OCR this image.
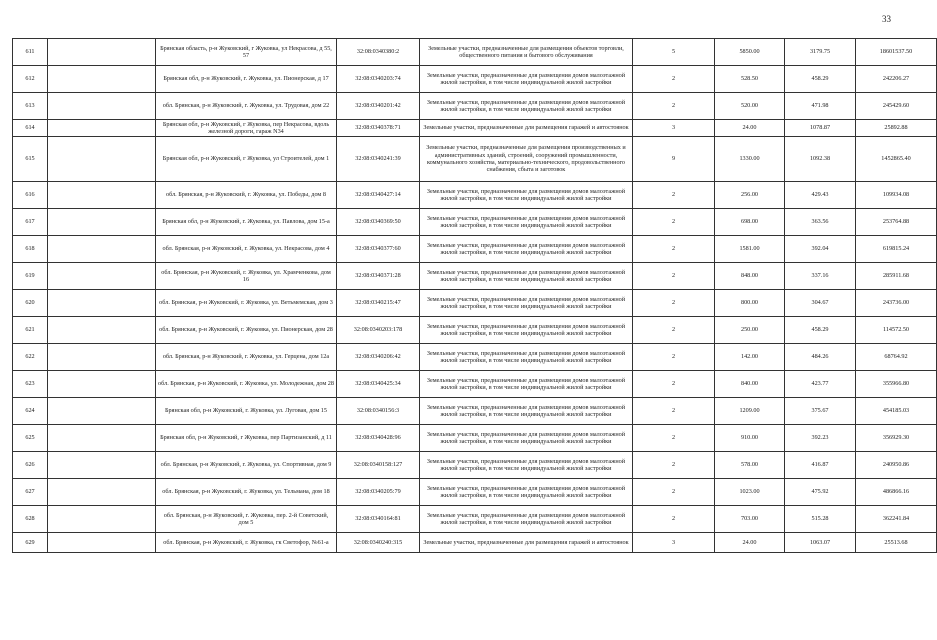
33
611		Брянская область, р-н Жуковский, г Жуковка, ул Некрасова, д 55, 57	32:08:0340380:2	Земельные участки, предназначенные для размещения объектов торговли, общественного питания и бытового обслуживания	5	5850.00	3179.75	18601537.50
612		Брянская обл, р-н Жуковский, г. Жуковка, ул. Пионерская, д 17	32:08:0340203:74	Земельные участки, предназначенные для размещения домов малоэтажной жилой застройки, в том числе индивидуальной жилой застройки	2	528.50	458.29	242206.27
613		обл. Брянская, р-н Жуковский, г. Жуковка, ул. Трудовая, дом 22	32:08:0340201:42	Земельные участки, предназначенные для размещения домов малоэтажной жилой застройки, в том числе индивидуальной жилой застройки	2	520.00	471.98	245429.60
614		Брянская обл, р-н Жуковский, г Жуковка, пер Некрасова, вдоль железной дороги, гараж N34	32:08:0340378:71	Земельные участки, предназначенные для размещения гаражей и автостоянок	3	24.00	1078.87	25892.88
615		Брянская обл, р-н Жуковский, г Жуковка, ул Строителей, дом 1	32:08:0340241:39	Земельные участки, предназначенные для размещения производственных и административных зданий, строений, сооружений промышленности, коммунального хозяйства, материально-технического, продовольственного снабжения, сбыта и заготовок	9	1330.00	1092.38	1452865.40
616		обл. Брянская, р-н Жуковский, г. Жуковка, ул. Победы, дом 8	32:08:0340427:14	Земельные участки, предназначенные для размещения домов малоэтажной жилой застройки, в том числе индивидуальной жилой застройки	2	256.00	429.43	109934.08
617		Брянская обл, р-н Жуковский, г. Жуковка, ул. Павлова, дом 15-а	32:08:0340369:50	Земельные участки, предназначенные для размещения домов малоэтажной жилой застройки, в том числе индивидуальной жилой застройки	2	698.00	363.56	253764.88
618		обл. Брянская, р-н Жуковский, г. Жуковка, ул. Некрасова, дом 4	32:08:0340377:60	Земельные участки, предназначенные для размещения домов малоэтажной жилой застройки, в том числе индивидуальной жилой застройки	2	1581.00	392.04	619815.24
619		обл. Брянская, р-н Жуковский, г. Жуковка, ул. Храмченкова, дом 16	32:08:0340371:28	Земельные участки, предназначенные для размещения домов малоэтажной жилой застройки, в том числе индивидуальной жилой застройки	2	848.00	337.16	285911.68
620		обл. Брянская, р-н Жуковский, г. Жуковка, ул. Ветьмемская, дом 3	32:08:0340215:47	Земельные участки, предназначенные для размещения домов малоэтажной жилой застройки, в том числе индивидуальной жилой застройки	2	800.00	304.67	243736.00
621		обл. Брянская, р-н Жуковский, г. Жуковка, ул. Пионерская, дом 28	32:08:0340203:178	Земельные участки, предназначенные для размещения домов малоэтажной жилой застройки, в том числе индивидуальной жилой застройки	2	250.00	458.29	114572.50
622		обл. Брянская, р-н Жуковский, г. Жуковка, ул. Герцена, дом 12а	32:08:0340206:42	Земельные участки, предназначенные для размещения домов малоэтажной жилой застройки, в том числе индивидуальной жилой застройки	2	142.00	484.26	68764.92
623		обл. Брянская, р-н Жуковский, г. Жуковка, ул. Молодежная, дом 28	32:08:0340425:34	Земельные участки, предназначенные для размещения домов малоэтажной жилой застройки, в том числе индивидуальной жилой застройки	2	840.00	423.77	355966.80
624		Брянская обл, р-н Жуковский, г. Жуковка, ул. Луговая, дом 15	32:08:0340156:3	Земельные участки, предназначенные для размещения домов малоэтажной жилой застройки, в том числе индивидуальной жилой застройки	2	1209.00	375.67	454185.03
625		Брянская обл, р-н Жуковский, г Жуковка, пер Партизанский, д 11	32:08:0340428:96	Земельные участки, предназначенные для размещения домов малоэтажной жилой застройки, в том числе индивидуальной жилой застройки	2	910.00	392.23	356929.30
626		обл. Брянская, р-н Жуковский, г. Жуковка, ул. Спортивная, дом 9	32:08:0340158:127	Земельные участки, предназначенные для размещения домов малоэтажной жилой застройки, в том числе индивидуальной жилой застройки	2	578.00	416.87	240950.86
627		обл. Брянская, р-н Жуковский, г. Жуковка, ул. Тельмана, дом 18	32:08:0340205:79	Земельные участки, предназначенные для размещения домов малоэтажной жилой застройки, в том числе индивидуальной жилой застройки	2	1023.00	475.92	486866.16
628		обл. Брянская, р-н Жуковский, г. Жуковка, пер. 2-й Советский, дом 5	32:08:0340164:81	Земельные участки, предназначенные для размещения домов малоэтажной жилой застройки, в том числе индивидуальной жилой застройки	2	703.00	515.28	362241.84
629		обл. Брянская, р-н Жуковский, г. Жуковка, гк Светофор, №61-а	32:08:0340240:315	Земельные участки, предназначенные для размещения гаражей и автостоянок	3	24.00	1063.07	25513.68
